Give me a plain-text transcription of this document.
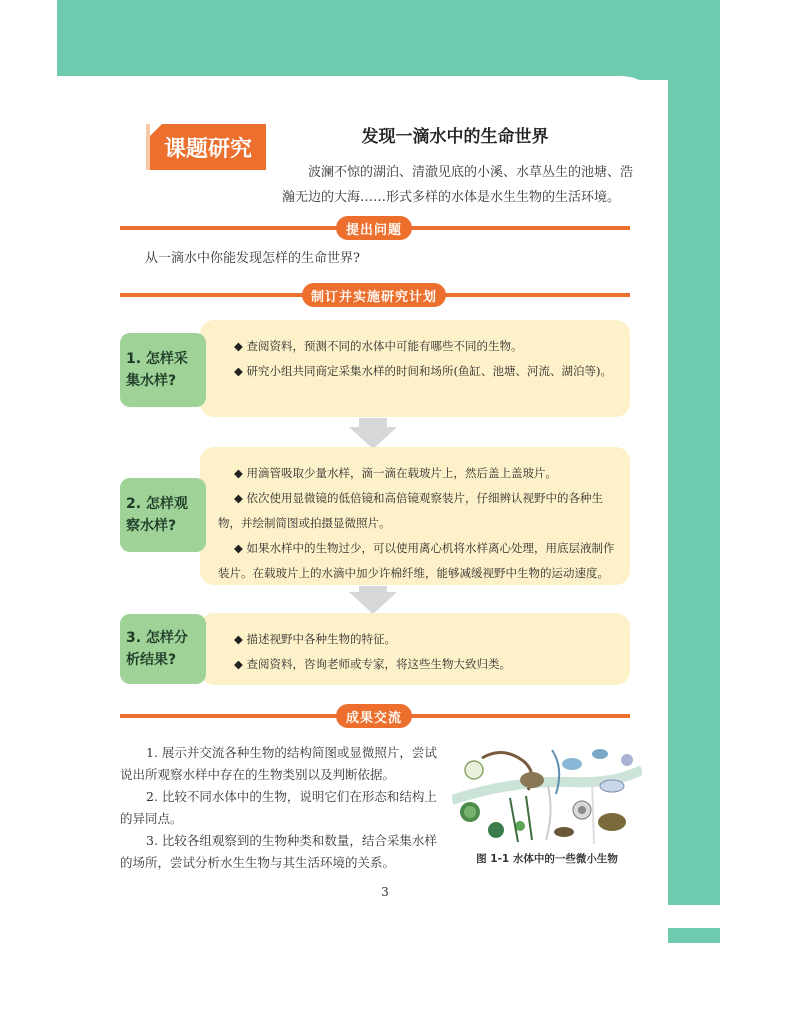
课题研究	发现一滴水中的生命世界
波澜不惊的湖泊、清澈见底的小溪、水草丛生的池塘、浩瀚无边的大海……形式多样的水体是水生生物的生活环境。
提出问题
从一滴水中你能发现怎样的生命世界?
制订并实施研究计划

◆ 查阅资料，预测不同的水体中可能有哪些不同的生物。

◆ 研究小组共同商定采集水样的时间和场所(鱼缸、池塘、河流、湖泊等)。

1. 怎样采集水样?

◆ 用滴管吸取少量水样，滴一滴在载玻片上，然后盖上盖玻片。

◆ 依次使用显微镜的低倍镜和高倍镜观察装片，仔细辨认视野中的各种生物，并绘制简图或拍摄显微照片。

◆ 如果水样中的生物过少，可以使用离心机将水样离心处理，用底层液制作装片。在载玻片上的水滴中加少许棉纤维，能够减缓视野中生物的运动速度。

2. 怎样观察水样?

◆ 描述视野中各种生物的特征。

◆ 查阅资料，咨询老师或专家，将这些生物大致归类。

3. 怎样分析结果?
成果交流

1. 展示并交流各种生物的结构简图或显微照片，尝试说出所观察水样中存在的生物类别以及判断依据。

2. 比较不同水体中的生物，说明它们在形态和结构上的异同点。

3. 比较各组观察到的生物种类和数量，结合采集水样的场所，尝试分析水生生物与其生活环境的关系。	图 1-1 水体中的一些微小生物
3
